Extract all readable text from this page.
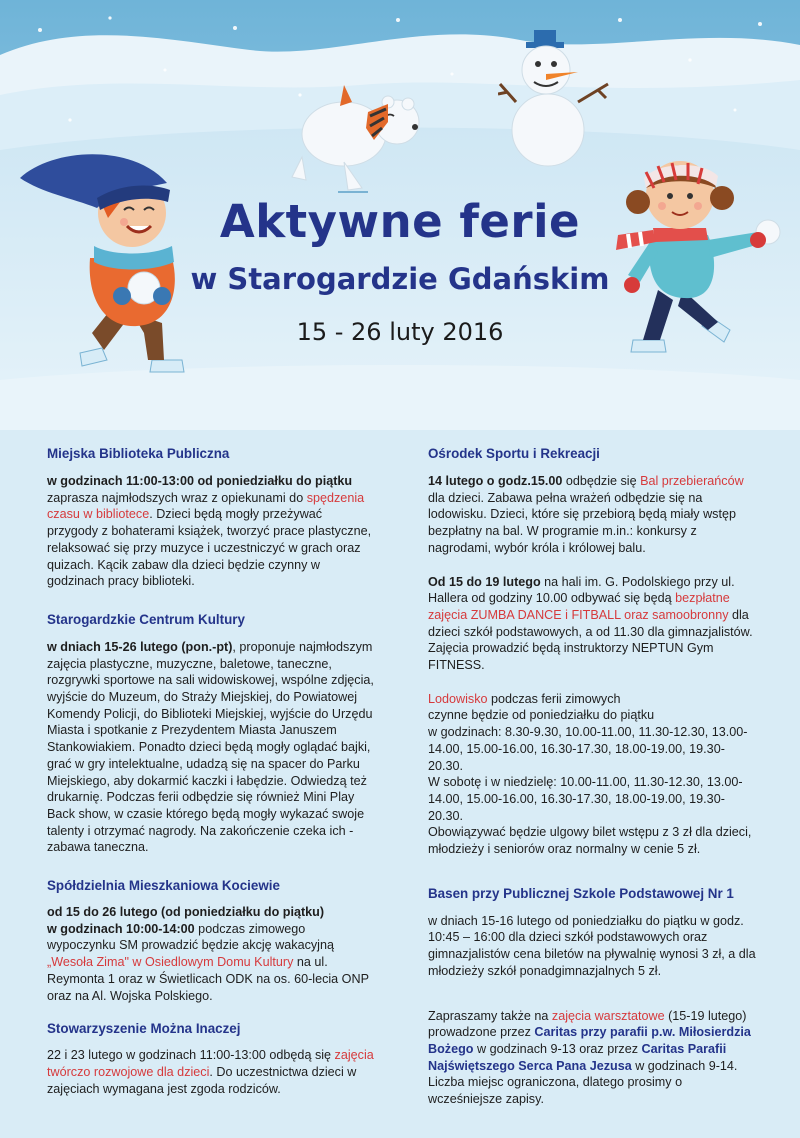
Aktywne ferie
w Starogardzie Gdańskim
15 - 26 luty 2016
Miejska Biblioteka Publiczna
w godzinach 11:00-13:00 od poniedziałku do piątku zaprasza najmłodszych wraz z opiekunami do spędzenia czasu w bibliotece. Dzieci będą mogły przeżywać przygody z bohaterami książek, tworzyć prace plastyczne, relaksować się przy muzyce i uczestniczyć w grach oraz quizach. Kącik zabaw dla dzieci będzie czynny w godzinach pracy biblioteki.
Starogardzkie Centrum Kultury
w dniach 15-26 lutego (pon.-pt), proponuje najmłodszym zajęcia plastyczne, muzyczne, baletowe, taneczne, rozgrywki sportowe na sali widowiskowej, wspólne zdjęcia, wyjście do Muzeum, do Straży Miejskiej, do Powiatowej Komendy Policji, do Biblioteki Miejskiej, wyjście do Urzędu Miasta i spotkanie z Prezydentem Miasta Januszem Stankowiakiem. Ponadto dzieci będą mogły oglądać bajki, grać w gry intelektualne, udadzą się na spacer do Parku Miejskiego, aby dokarmić kaczki i łabędzie. Odwiedzą też drukarnię. Podczas ferii odbędzie się również Mini Play Back show, w czasie którego będą mogły wykazać swoje talenty i otrzymać nagrody. Na zakończenie czeka ich - zabawa taneczna.
Spółdzielnia Mieszkaniowa Kociewie
od 15 do 26 lutego (od poniedziałku do piątku)
w godzinach 10:00-14:00 podczas zimowego wypoczynku SM prowadzić będzie akcję wakacyjną „Wesoła Zima" w Osiedlowym Domu Kultury na ul. Reymonta 1 oraz w Świetlicach ODK na os. 60-lecia ONP oraz na Al. Wojska Polskiego.
Stowarzyszenie Można Inaczej
22 i 23 lutego w godzinach 11:00-13:00 odbędą się zajęcia twórczo rozwojowe dla dzieci. Do uczestnictwa dzieci w zajęciach wymagana jest zgoda rodziców.
Ośrodek Sportu i Rekreacji
14 lutego o godz.15.00 odbędzie się Bal przebierańców dla dzieci. Zabawa pełna wrażeń odbędzie się na lodowisku. Dzieci, które się przebiorą będą miały wstęp bezpłatny na bal. W programie m.in.: konkursy z nagrodami, wybór króla i królowej balu.
Od 15 do 19 lutego na hali im. G. Podolskiego przy ul. Hallera od godziny 10.00 odbywać się będą bezpłatne zajęcia ZUMBA DANCE i FITBALL oraz samoobronny dla dzieci szkół podstawowych, a od 11.30 dla gimnazjalistów. Zajęcia prowadzić będą instruktorzy NEPTUN Gym FITNESS.
Lodowisko podczas ferii zimowych
czynne będzie od poniedziałku do piątku
w godzinach: 8.30-9.30, 10.00-11.00, 11.30-12.30, 13.00-14.00, 15.00-16.00, 16.30-17.30, 18.00-19.00, 19.30-20.30.
W sobotę i w niedzielę: 10.00-11.00, 11.30-12.30, 13.00-14.00, 15.00-16.00, 16.30-17.30, 18.00-19.00, 19.30-20.30.
Obowiązywać będzie ulgowy bilet wstępu z 3 zł dla dzieci, młodzieży i seniorów oraz normalny w cenie 5 zł.
Basen przy Publicznej Szkole Podstawowej Nr 1
w dniach 15-16 lutego od poniedziałku do piątku w godz. 10:45 – 16:00 dla dzieci szkół podstawowych oraz gimnazjalistów cena biletów na pływalnię wynosi 3 zł, a dla młodzieży szkół ponadgimnazjalnych 5 zł.
Zapraszamy także na zajęcia warsztatowe (15-19 lutego) prowadzone przez Caritas przy parafii p.w. Miłosierdzia Bożego w godzinach 9-13 oraz przez Caritas Parafii Najświętszego Serca Pana Jezusa w godzinach 9-14. Liczba miejsc ograniczona, dlatego prosimy o wcześniejsze zapisy.
